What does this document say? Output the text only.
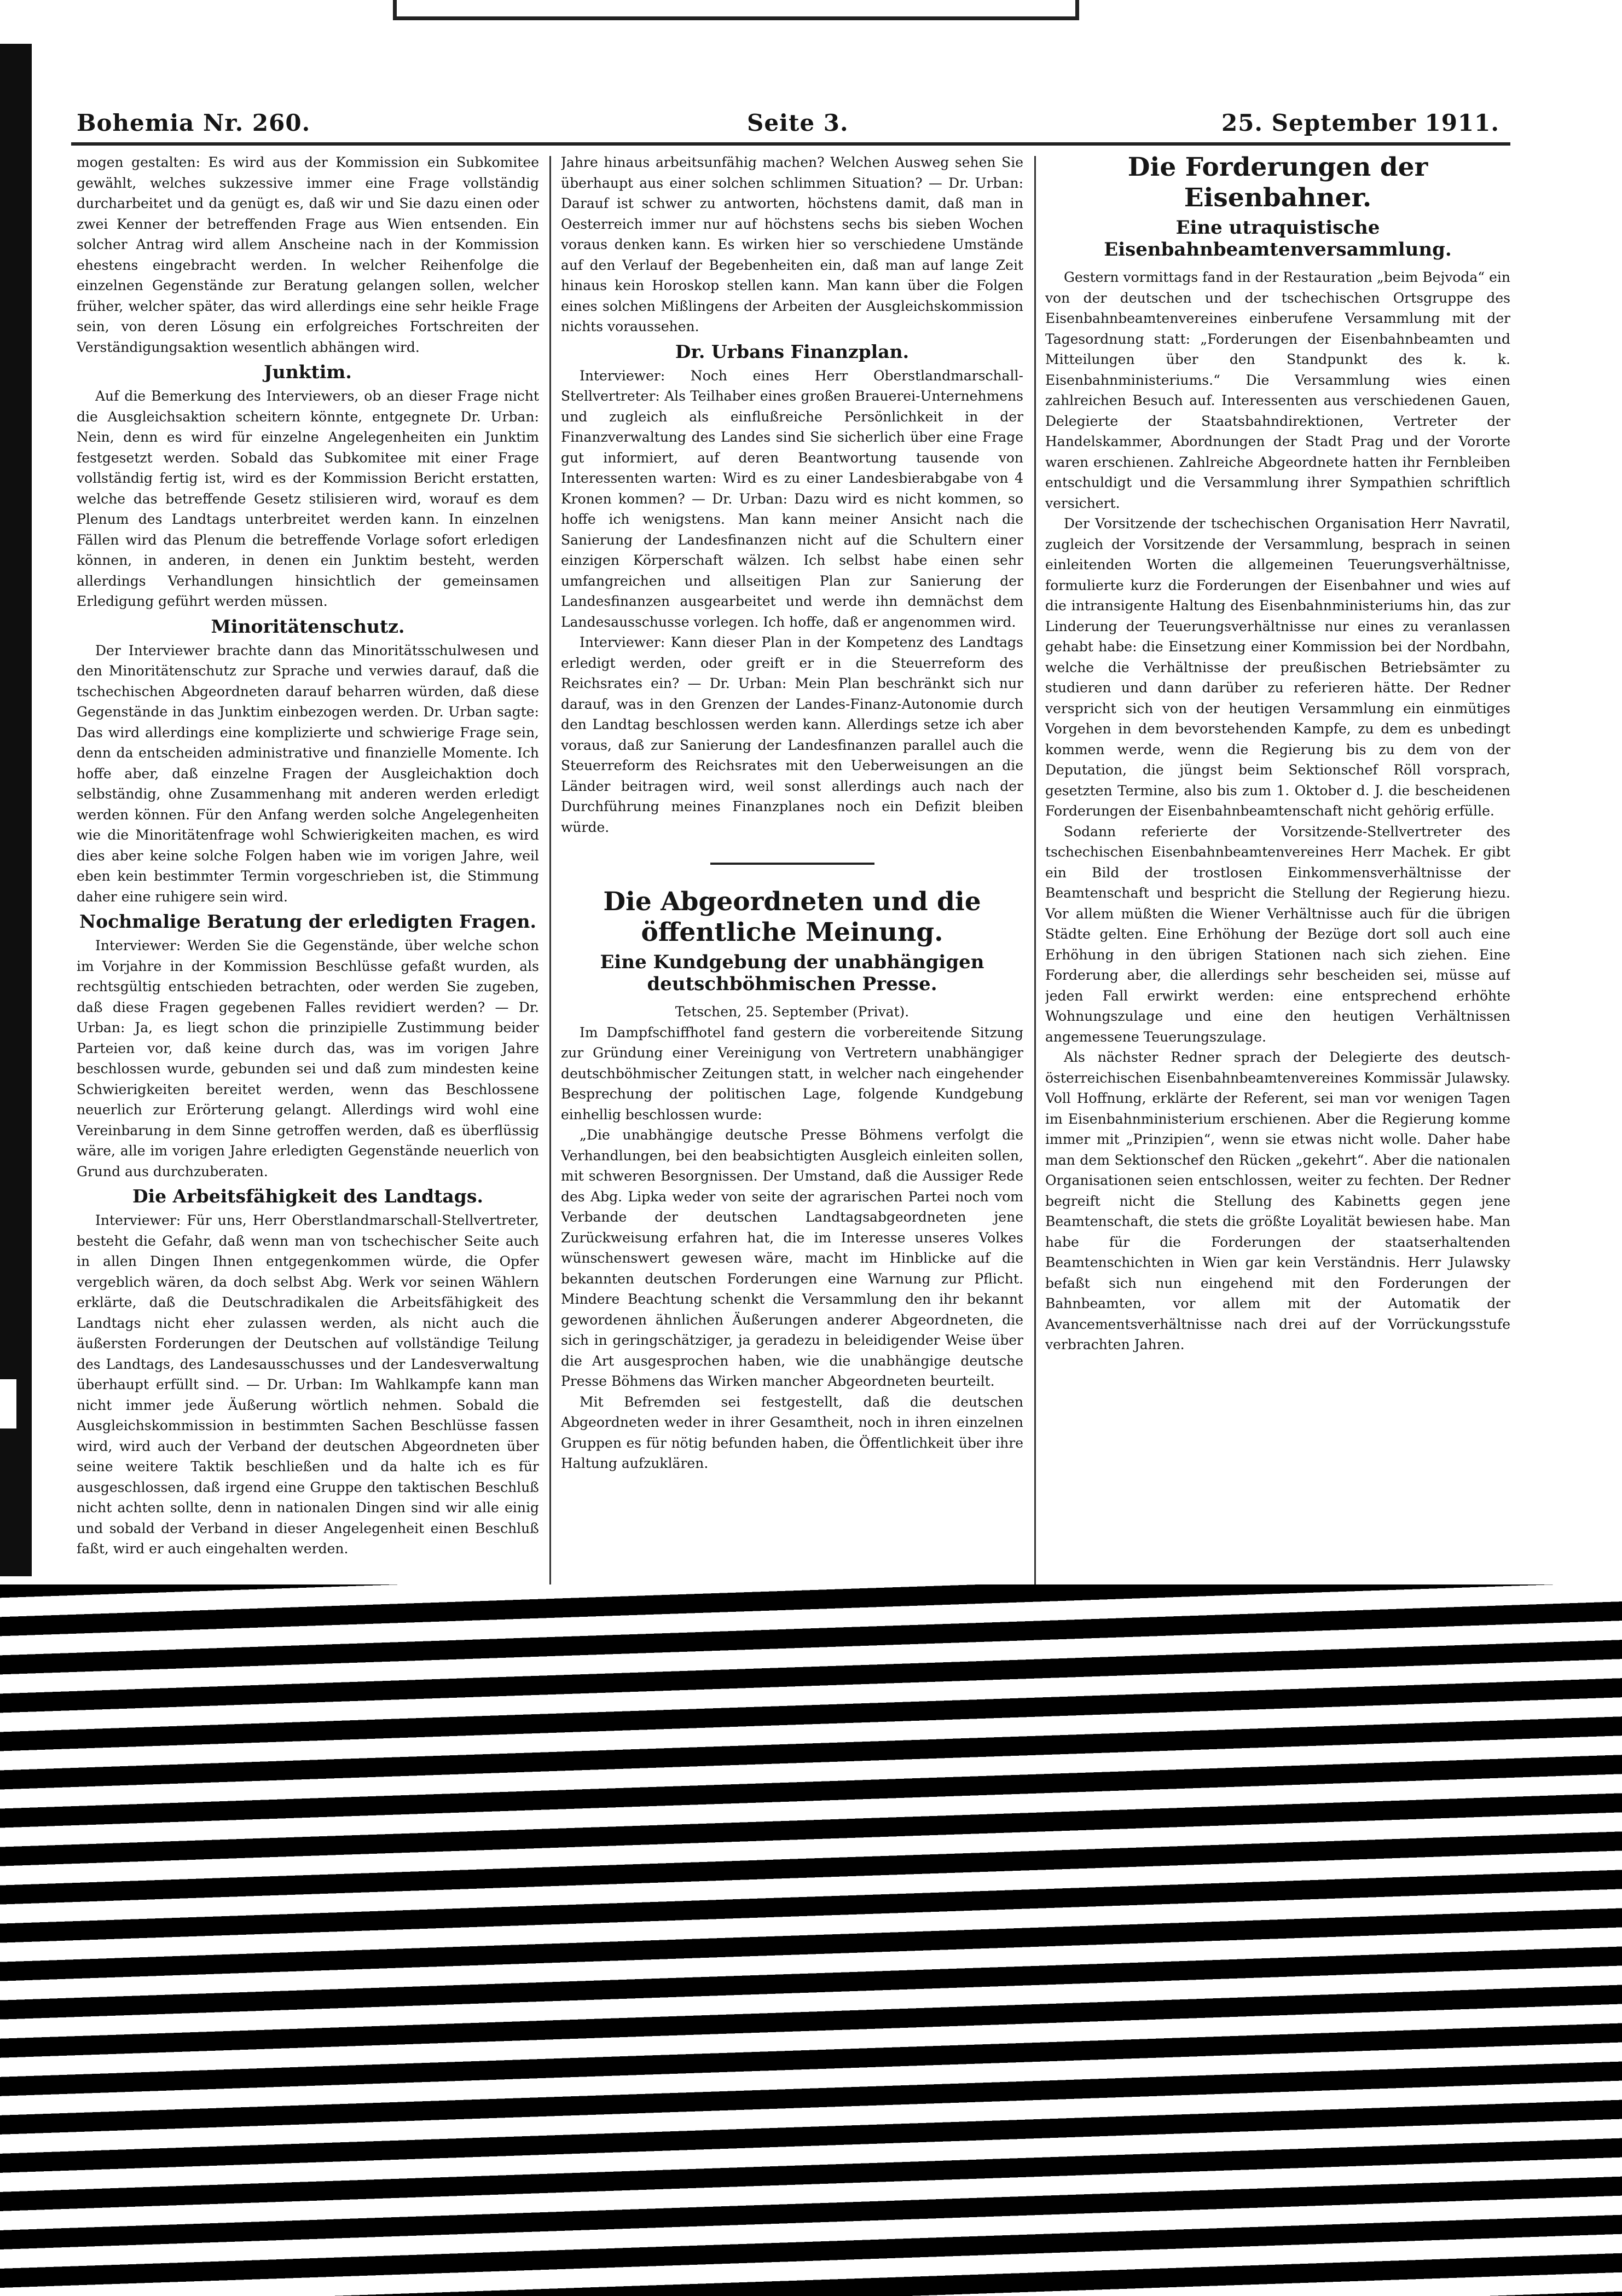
Bohemia Nr. 260.	Seite 3.	25. September 1911.

mogen gestalten: Es wird aus der Kommission ein Subkomitee gewählt, welches sukzessive immer eine Frage vollständig durcharbeitet und da genügt es, daß wir und Sie dazu einen oder zwei Kenner der betreffenden Frage aus Wien entsenden. Ein solcher Antrag wird allem Anscheine nach in der Kommission ehestens eingebracht werden. In welcher Reihenfolge die einzelnen Gegenstände zur Beratung gelangen sollen, welcher früher, welcher später, das wird allerdings eine sehr heikle Frage sein, von deren Lösung ein erfolgreiches Fortschreiten der Verständigungsaktion wesentlich abhängen wird.

Junktim.

Auf die Bemerkung des Interviewers, ob an dieser Frage nicht die Ausgleichsaktion scheitern könnte, entgegnete Dr. Urban: Nein, denn es wird für einzelne Angelegenheiten ein Junktim festgesetzt werden. Sobald das Subkomitee mit einer Frage vollständig fertig ist, wird es der Kommission Bericht erstatten, welche das betreffende Gesetz stilisieren wird, worauf es dem Plenum des Landtags unterbreitet werden kann. In einzelnen Fällen wird das Plenum die betreffende Vorlage sofort erledigen können, in anderen, in denen ein Junktim besteht, werden allerdings Verhandlungen hinsichtlich der gemeinsamen Erledigung geführt werden müssen.

Minoritätenschutz.

Der Interviewer brachte dann das Minoritätsschulwesen und den Minoritätenschutz zur Sprache und verwies darauf, daß die tschechischen Abgeordneten darauf beharren würden, daß diese Gegenstände in das Junktim einbezogen werden. Dr. Urban sagte: Das wird allerdings eine komplizierte und schwierige Frage sein, denn da entscheiden administrative und finanzielle Momente. Ich hoffe aber, daß einzelne Fragen der Ausgleichaktion doch selbständig, ohne Zusammenhang mit anderen werden erledigt werden können. Für den Anfang werden solche Angelegenheiten wie die Minoritätenfrage wohl Schwierigkeiten machen, es wird dies aber keine solche Folgen haben wie im vorigen Jahre, weil eben kein bestimmter Termin vorgeschrieben ist, die Stimmung daher eine ruhigere sein wird.

Nochmalige Beratung der erledigten Fragen.

Interviewer: Werden Sie die Gegenstände, über welche schon im Vorjahre in der Kommission Beschlüsse gefaßt wurden, als rechtsgültig entschieden betrachten, oder werden Sie zugeben, daß diese Fragen gegebenen Falles revidiert werden? — Dr. Urban: Ja, es liegt schon die prinzipielle Zustimmung beider Parteien vor, daß keine durch das, was im vorigen Jahre beschlossen wurde, gebunden sei und daß zum mindesten keine Schwierigkeiten bereitet werden, wenn das Beschlossene neuerlich zur Erörterung gelangt. Allerdings wird wohl eine Vereinbarung in dem Sinne getroffen werden, daß es überflüssig wäre, alle im vorigen Jahre erledigten Gegenstände neuerlich von Grund aus durchzuberaten.

Die Arbeitsfähigkeit des Landtags.

Interviewer: Für uns, Herr Oberstlandmarschall-Stellvertreter, besteht die Gefahr, daß wenn man von tschechischer Seite auch in allen Dingen Ihnen entgegenkommen würde, die Opfer vergeblich wären, da doch selbst Abg. Werk vor seinen Wählern erklärte, daß die Deutschradikalen die Arbeitsfähigkeit des Landtags nicht eher zulassen werden, als nicht auch die äußersten Forderungen der Deutschen auf vollständige Teilung des Landtags, des Landesausschusses und der Landesverwaltung überhaupt erfüllt sind. — Dr. Urban: Im Wahlkampfe kann man nicht immer jede Äußerung wörtlich nehmen. Sobald die Ausgleichskommission in bestimmten Sachen Beschlüsse fassen wird, wird auch der Verband der deutschen Abgeordneten über seine weitere Taktik beschließen und da halte ich es für ausgeschlossen, daß irgend eine Gruppe den taktischen Beschluß nicht achten sollte, denn in nationalen Dingen sind wir alle einig und sobald der Verband in dieser Angelegenheit einen Beschluß faßt, wird er auch eingehalten werden.

Jahre hinaus arbeitsunfähig machen? Welchen Ausweg sehen Sie überhaupt aus einer solchen schlimmen Situation? — Dr. Urban: Darauf ist schwer zu antworten, höchstens damit, daß man in Oesterreich immer nur auf höchstens sechs bis sieben Wochen voraus denken kann. Es wirken hier so verschiedene Umstände auf den Verlauf der Begebenheiten ein, daß man auf lange Zeit hinaus kein Horoskop stellen kann. Man kann über die Folgen eines solchen Mißlingens der Arbeiten der Ausgleichskommission nichts voraussehen.

Dr. Urbans Finanzplan.

Interviewer: Noch eines Herr Oberstlandmarschall-Stellvertreter: Als Teilhaber eines großen Brauerei-Unternehmens und zugleich als einflußreiche Persönlichkeit in der Finanzverwaltung des Landes sind Sie sicherlich über eine Frage gut informiert, auf deren Beantwortung tausende von Interessenten warten: Wird es zu einer Landesbierabgabe von 4 Kronen kommen? — Dr. Urban: Dazu wird es nicht kommen, so hoffe ich wenigstens. Man kann meiner Ansicht nach die Sanierung der Landesfinanzen nicht auf die Schultern einer einzigen Körperschaft wälzen. Ich selbst habe einen sehr umfangreichen und allseitigen Plan zur Sanierung der Landesfinanzen ausgearbeitet und werde ihn demnächst dem Landesausschusse vorlegen. Ich hoffe, daß er angenommen wird.

Interviewer: Kann dieser Plan in der Kompetenz des Landtags erledigt werden, oder greift er in die Steuerreform des Reichsrates ein? — Dr. Urban: Mein Plan beschränkt sich nur darauf, was in den Grenzen der Landes-Finanz-Autonomie durch den Landtag beschlossen werden kann. Allerdings setze ich aber voraus, daß zur Sanierung der Landesfinanzen parallel auch die Steuerreform des Reichsrates mit den Ueberweisungen an die Länder beitragen wird, weil sonst allerdings auch nach der Durchführung meines Finanzplanes noch ein Defizit bleiben würde.

Die Abgeordneten und die öffentliche Meinung.
Eine Kundgebung der unabhängigen deutschböhmischen Presse.

Tetschen, 25. September (Privat).

Im Dampfschiffhotel fand gestern die vorbereitende Sitzung zur Gründung einer Vereinigung von Vertretern unabhängiger deutschböhmischer Zeitungen statt, in welcher nach eingehender Besprechung der politischen Lage, folgende Kundgebung einhellig beschlossen wurde:

„Die unabhängige deutsche Presse Böhmens verfolgt die Verhandlungen, bei den beabsichtigten Ausgleich einleiten sollen, mit schweren Besorgnissen. Der Umstand, daß die Aussiger Rede des Abg. Lipka weder von seite der agrarischen Partei noch vom Verbande der deutschen Landtagsabgeordneten jene Zurückweisung erfahren hat, die im Interesse unseres Volkes wünschenswert gewesen wäre, macht im Hinblicke auf die bekannten deutschen Forderungen eine Warnung zur Pflicht. Mindere Beachtung schenkt die Versammlung den ihr bekannt gewordenen ähnlichen Äußerungen anderer Abgeordneten, die sich in geringschätziger, ja geradezu in beleidigender Weise über die Art ausgesprochen haben, wie die unabhängige deutsche Presse Böhmens das Wirken mancher Abgeordneten beurteilt.

Mit Befremden sei festgestellt, daß die deutschen Abgeordneten weder in ihrer Gesamtheit, noch in ihren einzelnen Gruppen es für nötig befunden haben, die Öffentlichkeit über ihre Haltung aufzuklären.

Die Forderungen der Eisenbahner.
Eine utraquistische Eisenbahnbeamtenversammlung.

Gestern vormittags fand in der Restauration „beim Bejvoda“ ein von der deutschen und der tschechischen Ortsgruppe des Eisenbahnbeamtenvereines einberufene Versammlung mit der Tagesordnung statt: „Forderungen der Eisenbahnbeamten und Mitteilungen über den Standpunkt des k. k. Eisenbahnministeriums.“ Die Versammlung wies einen zahlreichen Besuch auf. Interessenten aus verschiedenen Gauen, Delegierte der Staatsbahndirektionen, Vertreter der Handelskammer, Abordnungen der Stadt Prag und der Vororte waren erschienen. Zahlreiche Abgeordnete hatten ihr Fernbleiben entschuldigt und die Versammlung ihrer Sympathien schriftlich versichert.

Der Vorsitzende der tschechischen Organisation Herr Navratil, zugleich der Vorsitzende der Versammlung, besprach in seinen einleitenden Worten die allgemeinen Teuerungsverhältnisse, formulierte kurz die Forderungen der Eisenbahner und wies auf die intransigente Haltung des Eisenbahnministeriums hin, das zur Linderung der Teuerungsverhältnisse nur eines zu veranlassen gehabt habe: die Einsetzung einer Kommission bei der Nordbahn, welche die Verhältnisse der preußischen Betriebsämter zu studieren und dann darüber zu referieren hätte. Der Redner verspricht sich von der heutigen Versammlung ein einmütiges Vorgehen in dem bevorstehenden Kampfe, zu dem es unbedingt kommen werde, wenn die Regierung bis zu dem von der Deputation, die jüngst beim Sektionschef Röll vorsprach, gesetzten Termine, also bis zum 1. Oktober d. J. die bescheidenen Forderungen der Eisenbahnbeamtenschaft nicht gehörig erfülle.

Sodann referierte der Vorsitzende-Stellvertreter des tschechischen Eisenbahnbeamtenvereines Herr Machek. Er gibt ein Bild der trostlosen Einkommensverhältnisse der Beamtenschaft und bespricht die Stellung der Regierung hiezu. Vor allem müßten die Wiener Verhältnisse auch für die übrigen Städte gelten. Eine Erhöhung der Bezüge dort soll auch eine Erhöhung in den übrigen Stationen nach sich ziehen. Eine Forderung aber, die allerdings sehr bescheiden sei, müsse auf jeden Fall erwirkt werden: eine entsprechend erhöhte Wohnungszulage und eine den heutigen Verhältnissen angemessene Teuerungszulage.

Als nächster Redner sprach der Delegierte des deutsch-österreichischen Eisenbahnbeamtenvereines Kommissär Julawsky. Voll Hoffnung, erklärte der Referent, sei man vor wenigen Tagen im Eisenbahnministerium erschienen. Aber die Regierung komme immer mit „Prinzipien“, wenn sie etwas nicht wolle. Daher habe man dem Sektionschef den Rücken „gekehrt“. Aber die nationalen Organisationen seien entschlossen, weiter zu fechten. Der Redner begreift nicht die Stellung des Kabinetts gegen jene Beamtenschaft, die stets die größte Loyalität bewiesen habe. Man habe für die Forderungen der staatserhaltenden Beamtenschichten in Wien gar kein Verständnis. Herr Julawsky befaßt sich nun eingehend mit den Forderungen der Bahnbeamten, vor allem mit der Automatik der Avancementsverhältnisse nach drei auf der Vorrückungsstufe verbrachten Jahren.
